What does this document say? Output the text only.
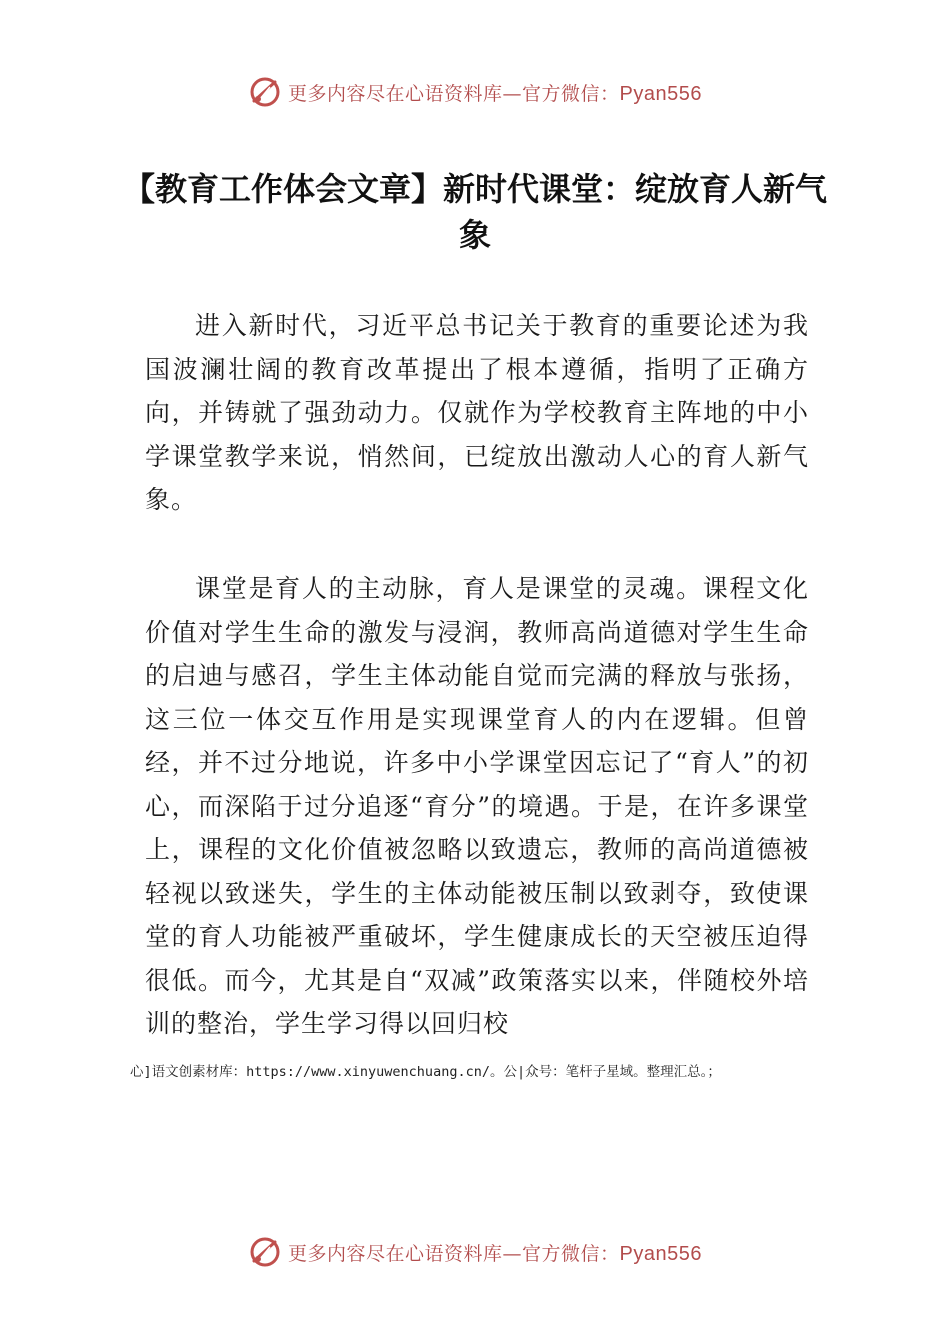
更多内容尽在心语资料库—官方微信：Pyan556
【教育工作体会文章】新时代课堂：绽放育人新气象

进入新时代，习近平总书记关于教育的重要论述为我国波澜壮阔的教育改革提出了根本遵循，指明了正确方向，并铸就了强劲动力。仅就作为学校教育主阵地的中小学课堂教学来说，悄然间，已绽放出激动人心的育人新气象。

课堂是育人的主动脉，育人是课堂的灵魂。课程文化价值对学生生命的激发与浸润，教师高尚道德对学生生命的启迪与感召，学生主体动能自觉而完满的释放与张扬，这三位一体交互作用是实现课堂育人的内在逻辑。但曾经，并不过分地说，许多中小学课堂因忘记了“育人”的初心，而深陷于过分追逐“育分”的境遇。于是，在许多课堂上，课程的文化价值被忽略以致遗忘，教师的高尚道德被轻视以致迷失，学生的主体动能被压制以致剥夺，致使课堂的育人功能被严重破坏，学生健康成长的天空被压迫得很低。而今，尤其是自“双减”政策落实以来，伴随校外培训的整治，学生学习得以回归校

心]语文创素材库：https://www.xinyuwenchuang.cn/。公|众号：笔杆子星域。整理汇总。；
更多内容尽在心语资料库—官方微信：Pyan556
